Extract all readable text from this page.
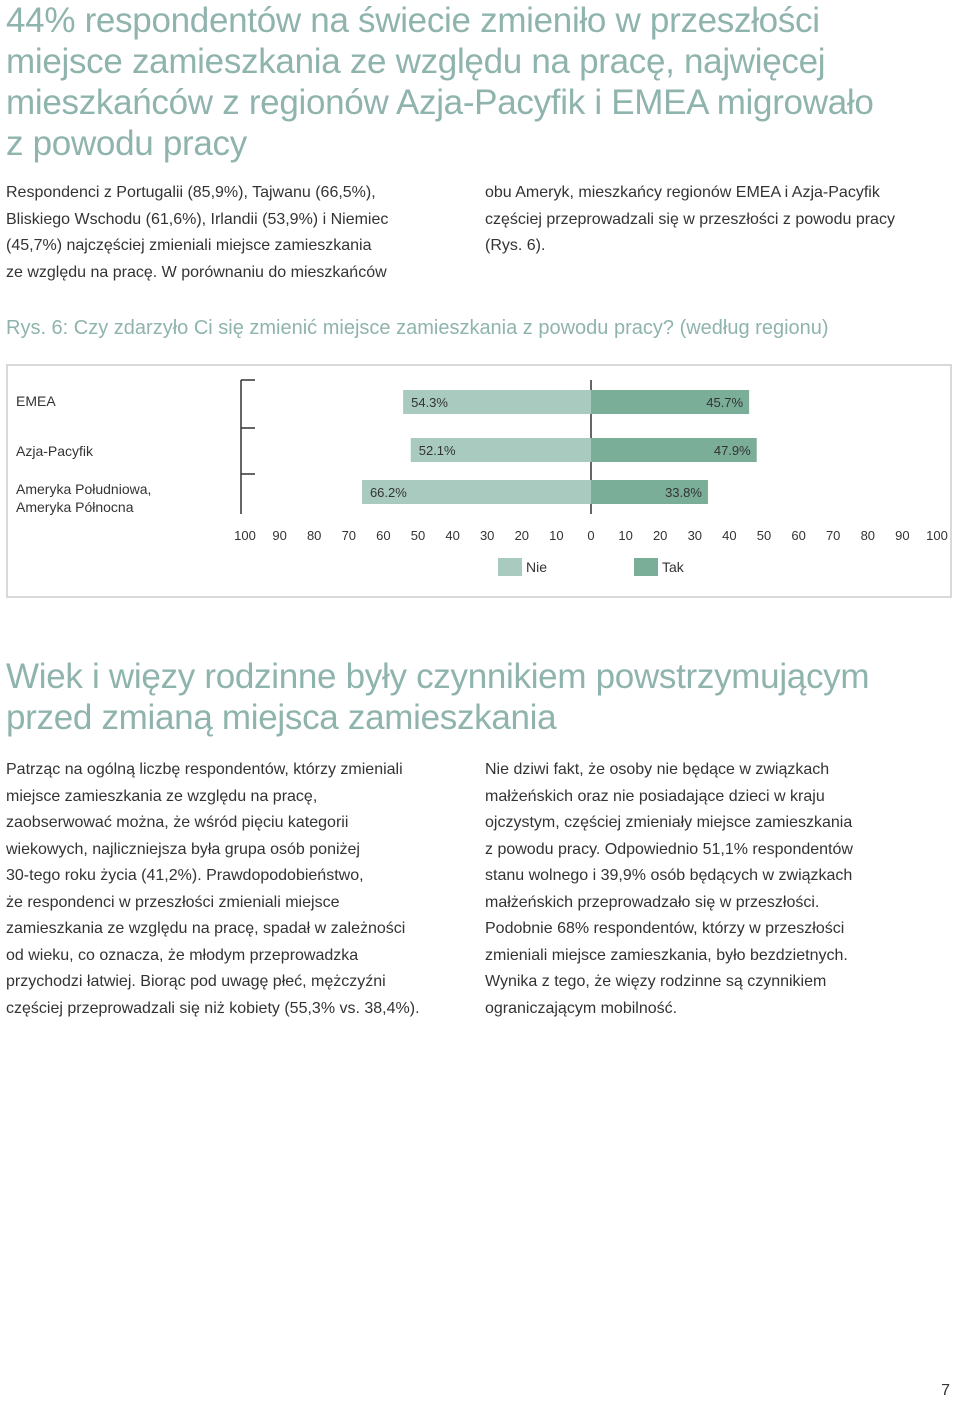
44% respondentów na świecie zmieniło w przeszłości
miejsce zamieszkania ze względu na pracę, najwięcej
mieszkańców z regionów Azja-Pacyfik i EMEA migrowało
z powodu pracy
Respondenci z Portugalii (85,9%), Tajwanu (66,5%),
Bliskiego Wschodu (61,6%), Irlandii (53,9%) i Niemiec
(45,7%) najczęściej zmieniali miejsce zamieszkania
ze względu na pracę. W porównaniu do mieszkańców
obu Ameryk, mieszkańcy regionów EMEA i Azja-Pacyfik
częściej przeprowadzali się w przeszłości z powodu pracy
(Rys. 6).
Rys. 6: Czy zdarzyło Ci się zmienić miejsce zamieszkania z powodu pracy? (według regionu)
EMEA
Azja-Pacyfik
Ameryka Południowa,
Ameryka Północna
54.3%	45.7%
52.1%	47.9%
66.2%	33.8%
100 90 80 70 60 50 40 30 20 10 0 10 20 30 40 50 60 70 80 90 100
Nie	Tak
Wiek i więzy rodzinne były czynnikiem powstrzymującym
przed zmianą miejsca zamieszkania
Patrząc na ogólną liczbę respondentów, którzy zmieniali
miejsce zamieszkania ze względu na pracę,
zaobserwować można, że wśród pięciu kategorii
wiekowych, najliczniejsza była grupa osób poniżej
30-tego roku życia (41,2%). Prawdopodobieństwo,
że respondenci w przeszłości zmieniali miejsce
zamieszkania ze względu na pracę, spadał w zależności
od wieku, co oznacza, że młodym przeprowadzka
przychodzi łatwiej. Biorąc pod uwagę płeć, mężczyźni
częściej przeprowadzali się niż kobiety (55,3% vs. 38,4%).
Nie dziwi fakt, że osoby nie będące w związkach
małżeńskich oraz nie posiadające dzieci w kraju
ojczystym, częściej zmieniały miejsce zamieszkania
z powodu pracy. Odpowiednio 51,1% respondentów
stanu wolnego i 39,9% osób będących w związkach
małżeńskich przeprowadzało się w przeszłości.
Podobnie 68% respondentów, którzy w przeszłości
zmieniali miejsce zamieszkania, było bezdzietnych.
Wynika z tego, że więzy rodzinne są czynnikiem
ograniczającym mobilność.
7
